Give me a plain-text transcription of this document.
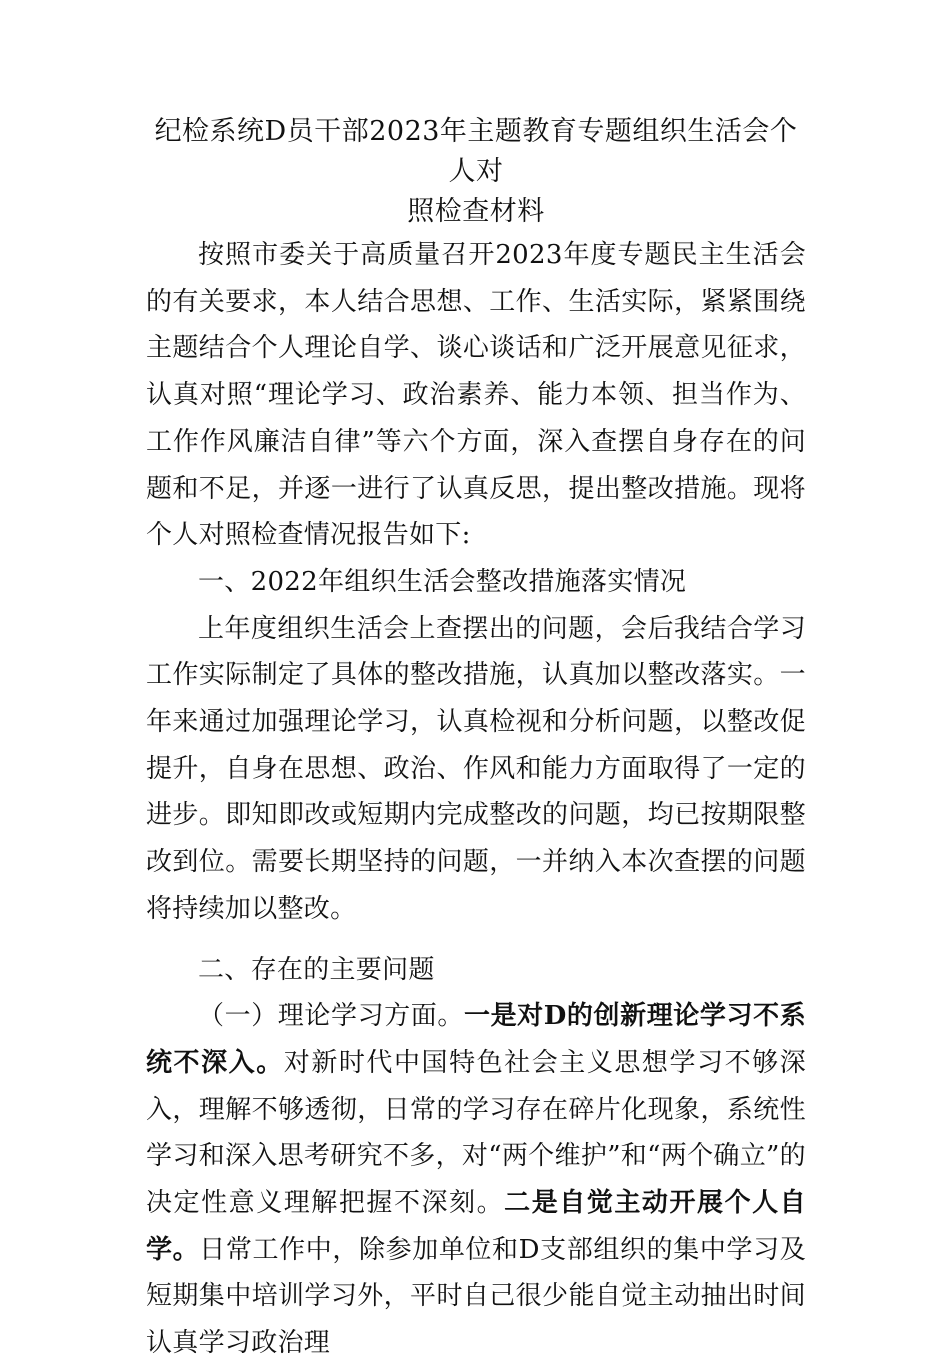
纪检系统D员干部2023年主题教育专题组织生活会个人对
照检查材料

按照市委关于高质量召开2023年度专题民主生活会的有关要求，本人结合思想、工作、生活实际，紧紧围绕主题结合个人理论自学、谈心谈话和广泛开展意见征求，认真对照“理论学习、政治素养、能力本领、担当作为、工作作风廉洁自律”等六个方面，深入查摆自身存在的问题和不足，并逐一进行了认真反思，提出整改措施。现将个人对照检查情况报告如下:

一、2022年组织生活会整改措施落实情况

上年度组织生活会上查摆出的问题，会后我结合学习工作实际制定了具体的整改措施，认真加以整改落实。一年来通过加强理论学习，认真检视和分析问题，以整改促提升，自身在思想、政治、作风和能力方面取得了一定的进步。即知即改或短期内完成整改的问题，均已按期限整改到位。需要长期坚持的问题，一并纳入本次查摆的问题将持续加以整改。

二、存在的主要问题

（一）理论学习方面。一是对D的创新理论学习不系统不深入。对新时代中国特色社会主义思想学习不够深入，理解不够透彻，日常的学习存在碎片化现象，系统性学习和深入思考研究不多，对“两个维护”和“两个确立”的决定性意义理解把握不深刻。二是自觉主动开展个人自学。日常工作中，除参加单位和D支部组织的集中学习及短期集中培训学习外，平时自己很少能自觉主动抽出时间认真学习政治理
